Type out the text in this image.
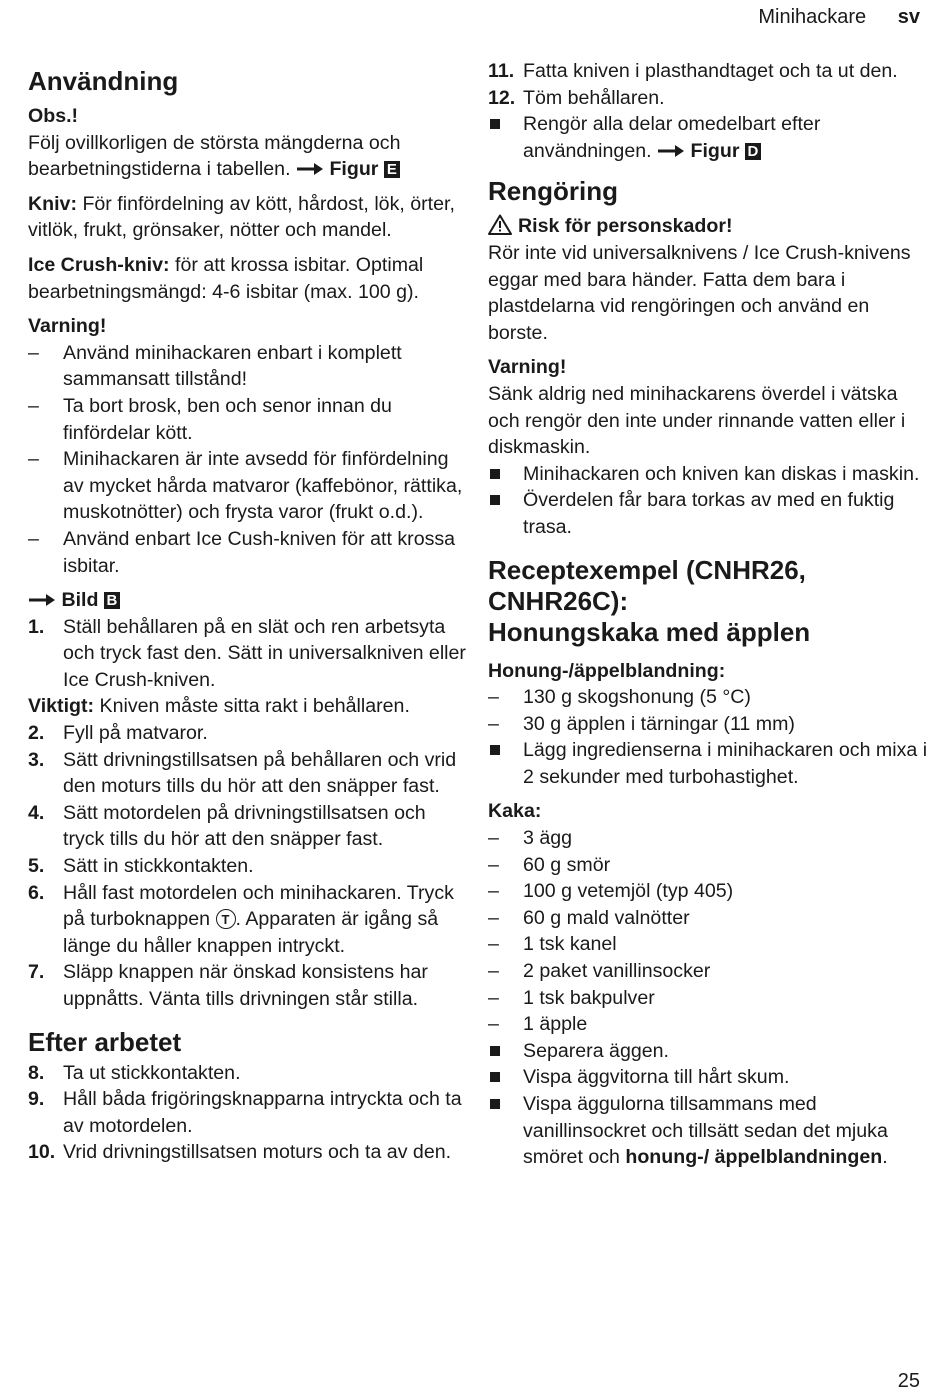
Minihackare sv
Användning

Obs.!

Följ ovillkorligen de största mängderna och bearbetningstiderna i tabellen. Figur E

Kniv: För finfördelning av kött, hårdost, lök, örter, vitlök, frukt, grönsaker, nötter och mandel.

Ice Crush-kniv: för att krossa isbitar. Optimal bearbetningsmängd: 4-6 isbitar (max. 100 g).

Varning!

–	Använd minihackaren enbart i komplett sammansatt tillstånd!
–	Ta bort brosk, ben och senor innan du finfördelar kött.
–	Minihackaren är inte avsedd för finfördelning av mycket hårda matvaror (kaffebönor, rättika, muskotnötter) och frysta varor (frukt o.d.).
–	Använd enbart Ice Cush-kniven för att krossa isbitar.

Bild B

1. Ställ behållaren på en slät och ren arbetsyta och tryck fast den. Sätt in universalkniven eller Ice Crush-kniven.

Viktigt: Kniven måste sitta rakt i behållaren.

2. Fyll på matvaror.
3. Sätt drivningstillsatsen på behållaren och vrid den moturs tills du hör att den snäpper fast.
4. Sätt motordelen på drivningstillsatsen och tryck tills du hör att den snäpper fast.
5. Sätt in stickkontakten.
6. Håll fast motordelen och minihackaren. Tryck på turboknappen T . Apparaten är igång så länge du håller knappen intryckt.
7. Släpp knappen när önskad konsistens har uppnåtts. Vänta tills drivningen står stilla.
Efter arbetet
8. Ta ut stickkontakten.
9. Håll båda frigöringsknapparna intryckta och ta av motordelen.
10. Vrid drivningstillsatsen moturs och ta av den.
11. Fatta kniven i plasthandtaget och ta ut den.
12. Töm behållaren.
Rengör alla delar omedelbart efter användningen. Figur D
Rengöring

Risk för personskador!

Rör inte vid universalknivens / Ice Crush-knivens eggar med bara händer. Fatta dem bara i plastdelarna vid rengöringen och använd en borste.

Varning!

Sänk aldrig ned minihackarens överdel i vätska och rengör den inte under rinnande vatten eller i diskmaskin.

Minihackaren och kniven kan diskas i maskin.
Överdelen får bara torkas av med en fuktig trasa.
Receptexempel (CNHR26, CNHR26C):
Honungskaka med äpplen

Honung-/äppelblandning:

–	130 g skogshonung (5 °C)
–	30 g äpplen i tärningar (11 mm)
Lägg ingredienserna i minihackaren och mixa i 2 sekunder med turbohastighet.

Kaka:

–	3 ägg
–	60 g smör
–	100 g vetemjöl (typ 405)
–	60 g mald valnötter
–	1 tsk kanel
–	2 paket vanillinsocker
–	1 tsk bakpulver
–	1 äpple
Separera äggen.
Vispa äggvitorna till hårt skum.
Vispa äggulorna tillsammans med vanillinsockret och tillsätt sedan det mjuka smöret och honung-/ äppelblandningen.
25
